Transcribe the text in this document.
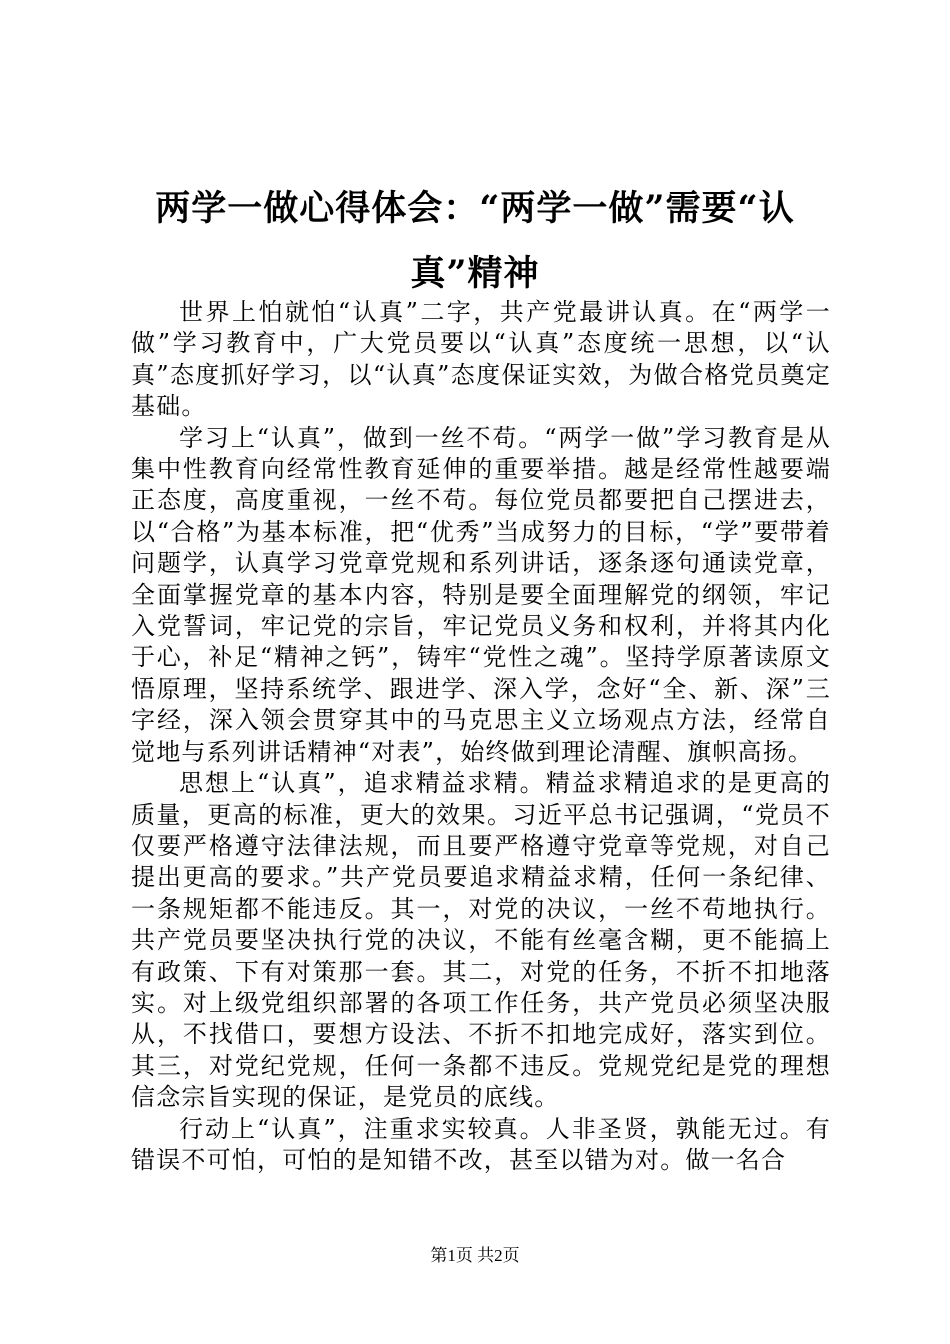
两学一做心得体会：“两学一做”需要“认真”精神

世界上怕就怕“认真”二字，共产党最讲认真。在“两学一做”学习教育中，广大党员要以“认真”态度统一思想，以“认真”态度抓好学习，以“认真”态度保证实效，为做合格党员奠定基础。

学习上“认真”，做到一丝不苟。“两学一做”学习教育是从集中性教育向经常性教育延伸的重要举措。越是经常性越要端正态度，高度重视，一丝不苟。每位党员都要把自己摆进去，以“合格”为基本标准，把“优秀”当成努力的目标，“学”要带着问题学，认真学习党章党规和系列讲话，逐条逐句通读党章，全面掌握党章的基本内容，特别是要全面理解党的纲领，牢记入党誓词，牢记党的宗旨，牢记党员义务和权利，并将其内化于心，补足“精神之钙”，铸牢“党性之魂”。坚持学原著读原文悟原理，坚持系统学、跟进学、深入学，念好“全、新、深”三字经，深入领会贯穿其中的马克思主义立场观点方法，经常自觉地与系列讲话精神“对表”，始终做到理论清醒、旗帜高扬。

思想上“认真”，追求精益求精。精益求精追求的是更高的质量，更高的标准，更大的效果。习近平总书记强调，“党员不仅要严格遵守法律法规，而且要严格遵守党章等党规，对自己提出更高的要求。”共产党员要追求精益求精，任何一条纪律、一条规矩都不能违反。其一，对党的决议，一丝不苟地执行。共产党员要坚决执行党的决议，不能有丝毫含糊，更不能搞上有政策、下有对策那一套。其二，对党的任务，不折不扣地落实。对上级党组织部署的各项工作任务，共产党员必须坚决服从，不找借口，要想方设法、不折不扣地完成好，落实到位。其三，对党纪党规，任何一条都不违反。党规党纪是党的理想信念宗旨实现的保证，是党员的底线。

行动上“认真”，注重求实较真。人非圣贤，孰能无过。有错误不可怕，可怕的是知错不改，甚至以错为对。做一名合

第1页 共2页
